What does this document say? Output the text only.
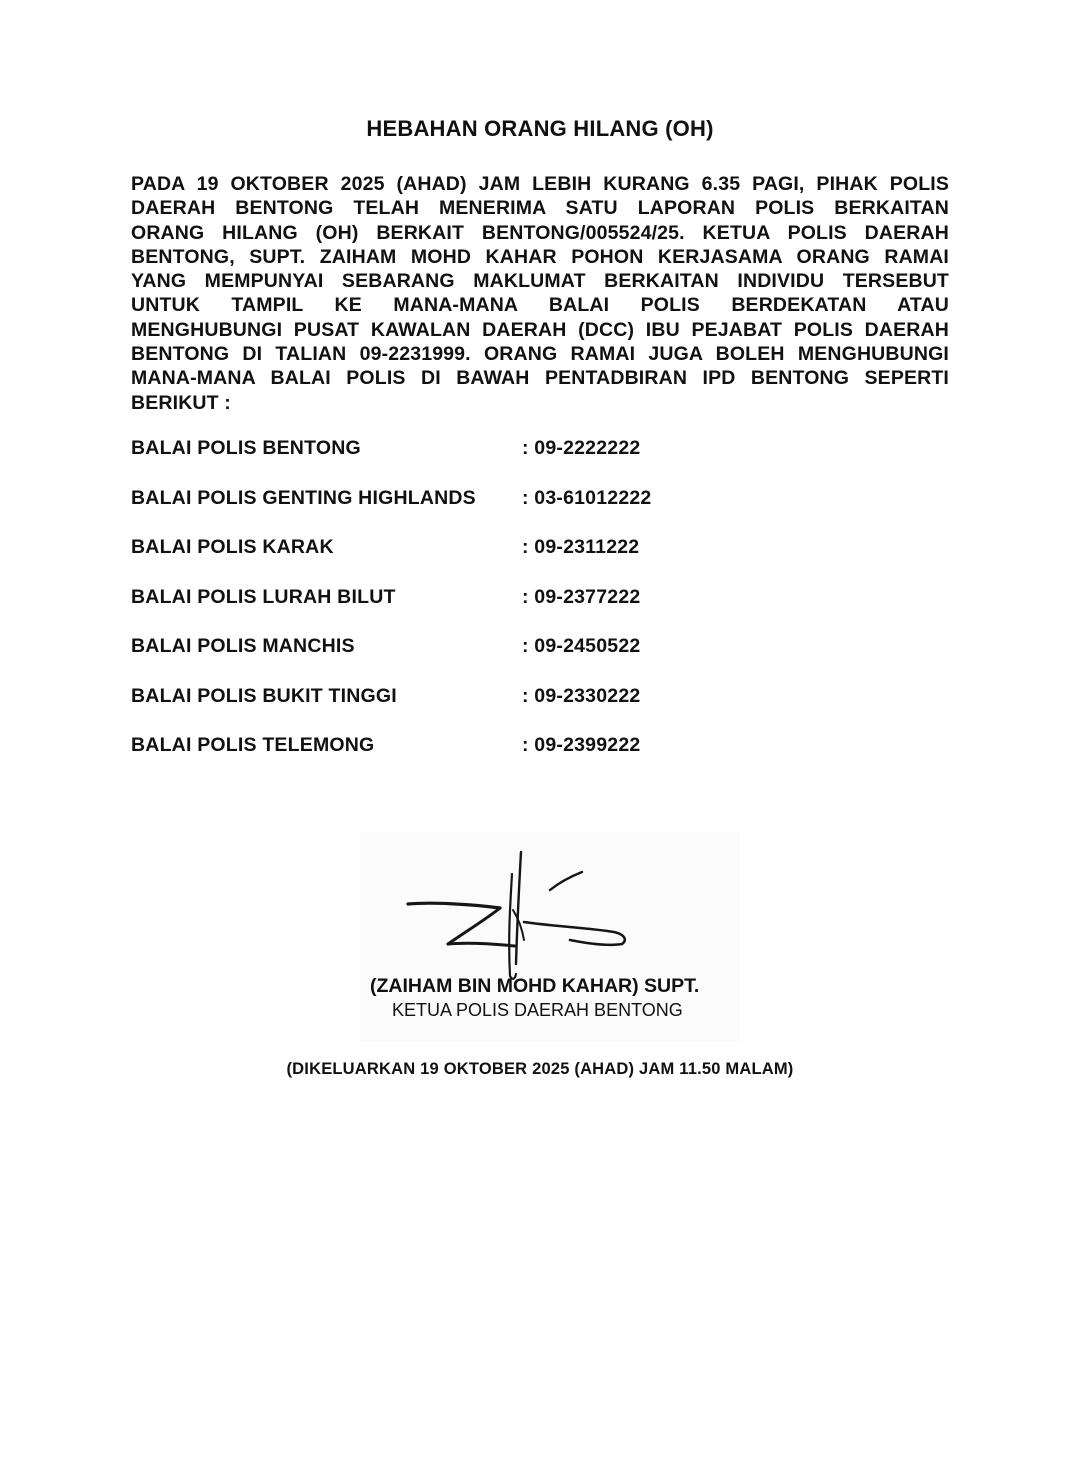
HEBAHAN ORANG HILANG (OH)
PADA 19 OKTOBER 2025 (AHAD) JAM LEBIH KURANG 6.35 PAGI, PIHAK POLIS
DAERAH BENTONG TELAH MENERIMA SATU LAPORAN POLIS BERKAITAN
ORANG HILANG (OH) BERKAIT BENTONG/005524/25. KETUA POLIS DAERAH
BENTONG, SUPT. ZAIHAM MOHD KAHAR POHON KERJASAMA ORANG RAMAI
YANG MEMPUNYAI SEBARANG MAKLUMAT BERKAITAN INDIVIDU TERSEBUT
UNTUK TAMPIL KE MANA-MANA BALAI POLIS BERDEKATAN ATAU
MENGHUBUNGI PUSAT KAWALAN DAERAH (DCC) IBU PEJABAT POLIS DAERAH
BENTONG DI TALIAN 09-2231999. ORANG RAMAI JUGA BOLEH MENGHUBUNGI
MANA-MANA BALAI POLIS DI BAWAH PENTADBIRAN IPD BENTONG SEPERTI
BERIKUT :
BALAI POLIS BENTONG	: 09-2222222
BALAI POLIS GENTING HIGHLANDS : 03-61012222
BALAI POLIS KARAK	: 09-2311222
BALAI POLIS LURAH BILUT	: 09-2377222
BALAI POLIS MANCHIS	: 09-2450522
BALAI POLIS BUKIT TINGGI	: 09-2330222
BALAI POLIS TELEMONG	: 09-2399222
(ZAIHAM BIN MOHD KAHAR) SUPT.
KETUA POLIS DAERAH BENTONG
(DIKELUARKAN 19 OKTOBER 2025 (AHAD) JAM 11.50 MALAM)
